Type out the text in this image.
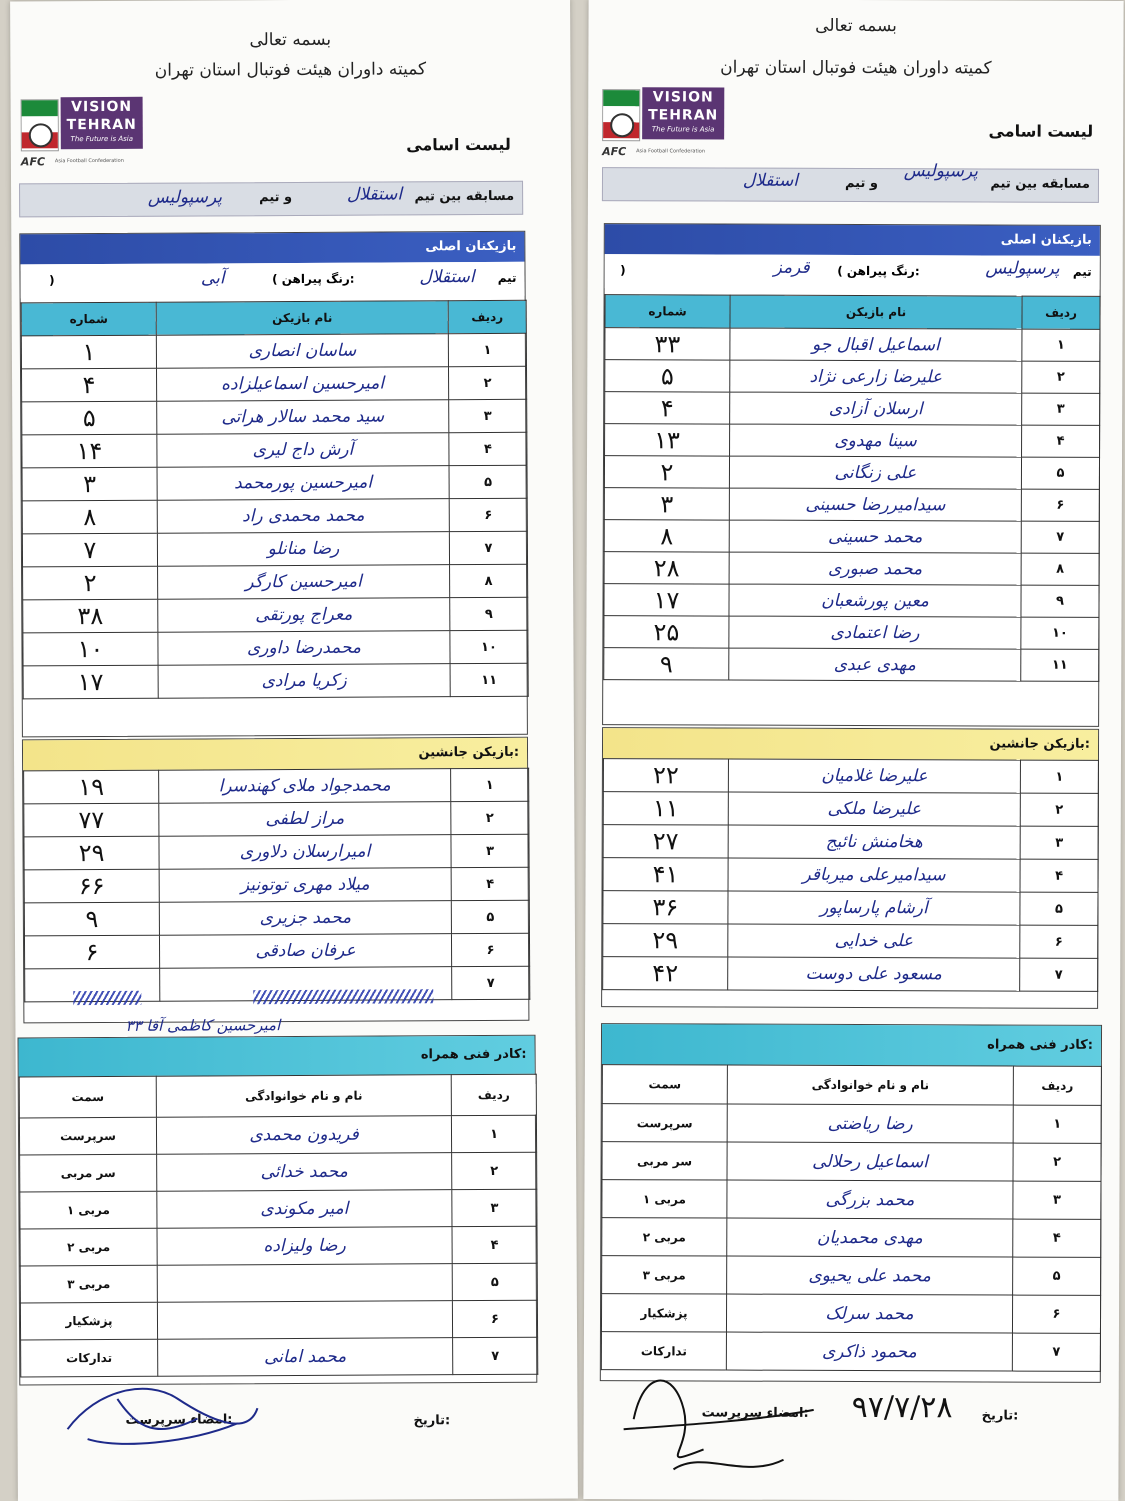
بسمه تعالی
کمیته داوران هیئت فوتبال استان تهران
VISION
TEHRAN
The Future is Asia
AFC Asia Football Confederation
لیست اسامی
مسابقه بین تیم
استقلال
و تیم
پرسپولیس
بازیکنان اصلی
تیم
استقلال
( رنگ پیراهن:
آبی
)
ردیف	نام بازیکن	شماره
۱	ساسان انصاری	۱
۲	امیرحسین اسماعیلزاده	۴
۳	سید محمد سالار هراتی	۵
۴	آرش داج لیری	۱۴
۵	امیرحسین پورمحمد	۳
۶	محمد محمدی راد	۸
۷	رضا منانلو	۷
۸	امیرحسین کارگر	۲
۹	معراج پورتقی	۳۸
۱۰	محمدرضا داوری	۱۰
۱۱	زکریا مرادی	۱۷
بازیکن جانشین:
۱	محمدجواد ملای کهندسرا	۱۹
۲	مراز لطفی	۷۷
۳	امیرارسلان دلاوری	۲۹
۴	میلاد مهری توتونیز	۶۶
۵	محمد جزیری	۹
۶	عرفان صادقی	۶
۷		
امیرحسین کاظمی آقا ۳۳
کادر فنی همراه:
ردیف	نام و نام خوانوادگی	سمت
۱	فریدون محمدی	سرپرست
۲	محمد خدائی	سر مربی
۳	امیر مکوندی	مربی ۱
۴	رضا ولیزاده	مربی ۲
۵		مربی ۳
۶		پزشکیار
۷	محمد امانی	تدارکات
امضاء سرپرست:	تاریخ:
بسمه تعالی
کمیته داوران هیئت فوتبال استان تهران
VISION
TEHRAN
The Future is Asia
AFC Asia Football Confederation
لیست اسامی
مسابقه بین تیم
پرسپولیس
و تیم
استقلال
بازیکنان اصلی
تیم
پرسپولیس
( رنگ پیراهن:
قرمز
)
ردیف	نام بازیکن	شماره
۱	اسماعیل اقبال جو	۳۳
۲	علیرضا زارعی نژاد	۵
۳	ارسلان آزادی	۴
۴	سینا مهدوی	۱۳
۵	علی زنگانی	۲
۶	سیدامیررضا حسینی	۳
۷	محمد حسینی	۸
۸	محمد صبوری	۲۸
۹	معین پورشعبان	۱۷
۱۰	رضا اعتمادی	۲۵
۱۱	مهدی عبدی	۹
بازیکن جانشین:
۱	علیرضا غلامیان	۲۲
۲	علیرضا ملکی	۱۱
۳	هخامنش نائیج	۲۷
۴	سیدامیرعلی میرباقر	۴۱
۵	آرشام پارساپور	۳۶
۶	علی خدایی	۲۹
۷	مسعود علی دوست	۴۲
کادر فنی همراه:
ردیف	نام و نام خوانوادگی	سمت
۱	رضا ریاضتی	سرپرست
۲	اسماعیل رحلالی	سر مربی
۳	محمد بزرگی	مربی ۱
۴	مهدی محمدیان	مربی ۲
۵	محمد علی یحیوی	مربی ۳
۶	محمد سرلک	پزشکیار
۷	محمود ذاکری	تدارکات
امضاء سرپرست:	تاریخ:
۹۷/۷/۲۸
